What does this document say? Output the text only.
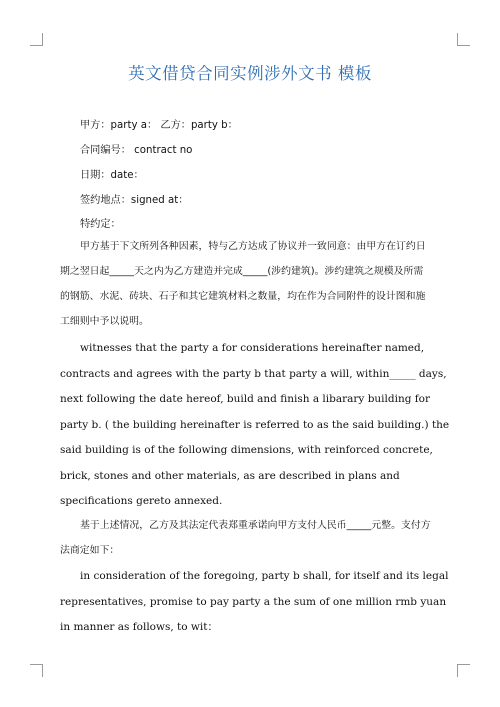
英文借贷合同实例涉外文书 模板
甲方：party a： 乙方：party b：
合同编号： contract no
日期：date：
签约地点：signed at：
特约定：
甲方基于下文所列各种因素，特与乙方达成了协议并一致同意：由甲方在订约日
期之翌日起_____天之内为乙方建造并完成_____(涉约建筑)。涉约建筑之规模及所需
的钢筋、水泥、砖块、石子和其它建筑材料之数量，均在作为合同附件的设计图和施
工细则中予以说明。
witnesses that the party a for considerations hereinafter named,
contracts and agrees with the party b that party a will, within_____ days,
next following the date hereof, build and finish a libarary building for
party b. ( the building hereinafter is referred to as the said building.) the
said building is of the following dimensions, with reinforced concrete,
brick, stones and other materials, as are described in plans and
specifications gereto annexed.
基于上述情况，乙方及其法定代表郑重承诺向甲方支付人民币_____元整。支付方
法商定如下：
in consideration of the foregoing, party b shall, for itself and its legal
representatives, promise to pay party a the sum of one million rmb yuan
in manner as follows, to wit：
